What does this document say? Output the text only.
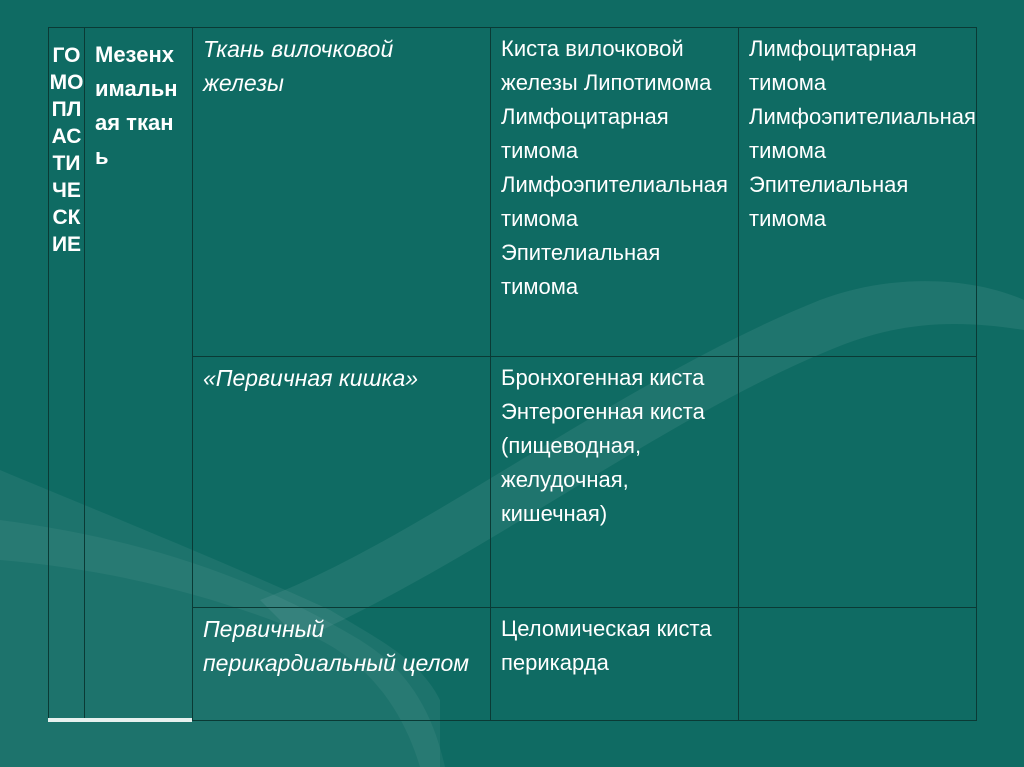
ГОМОПЛАСТИЧЕСКИЕ	Мезенхимальная ткань	Ткань вилочковой железы	Киста вилочковой железы Липотимома Лимфоцитарная тимома Лимфоэпителиальная тимома Эпителиальная тимома	Лимфоцитарная тимома Лимфоэпителиальная тимома Эпителиальная тимома
		«Первичная кишка»	Бронхогенная киста Энтерогенная киста (пищеводная, желудочная, кишечная)	
		Первичный перикардиальный целом	Целомическая киста перикарда	
